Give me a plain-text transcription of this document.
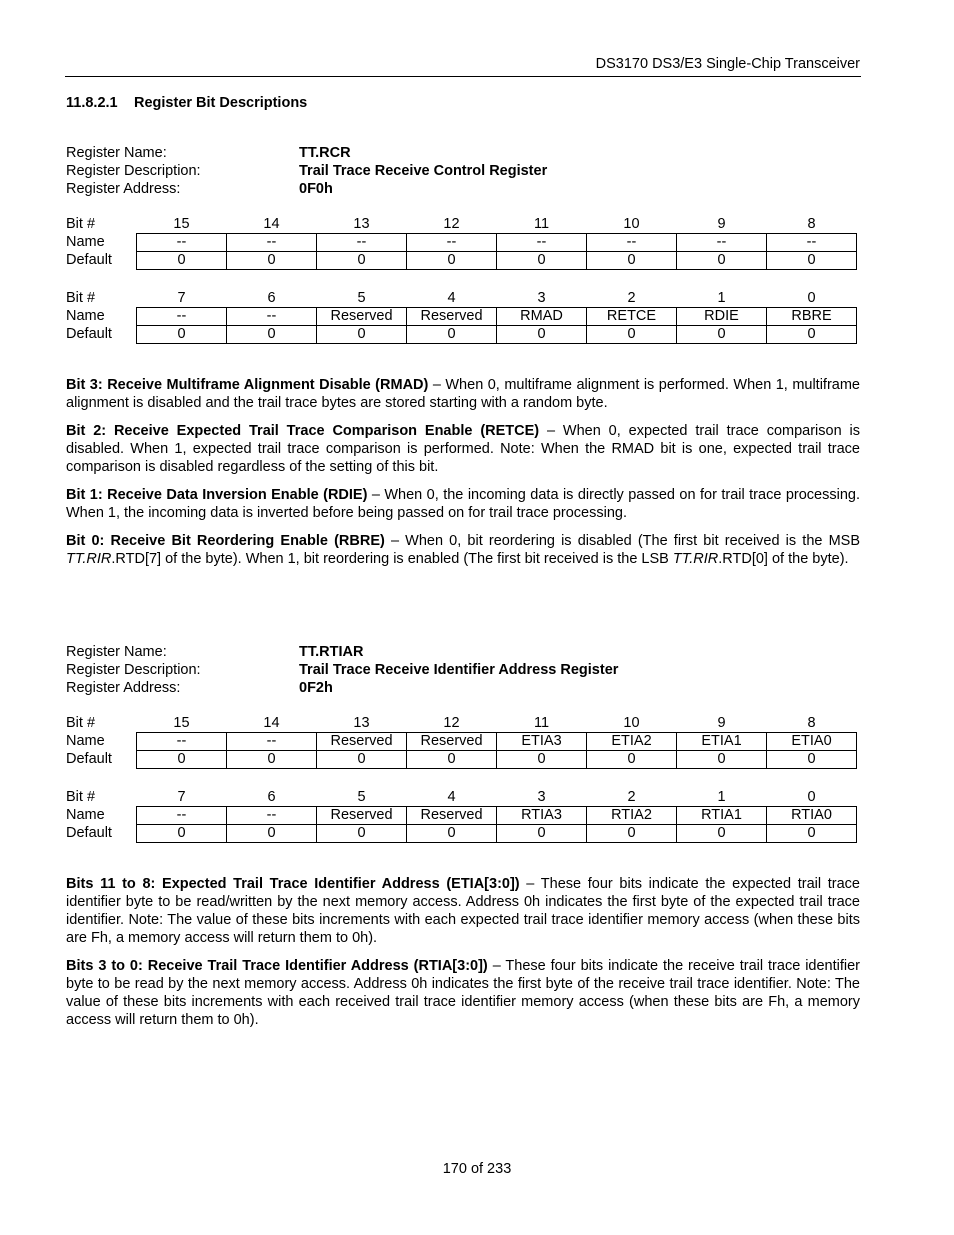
DS3170 DS3/E3 Single-Chip Transceiver
11.8.2.1 Register Bit Descriptions
Register Name:	TT.RCR
Register Description:	Trail Trace Receive Control Register
Register Address:	0F0h
Bit #	15	14	13	12	11	10	9	8
Name	--	--	--	--	--	--	--	--
Default	0	0	0	0	0	0	0	0
Bit #	7	6	5	4	3	2	1	0
Name	--	--	Reserved	Reserved	RMAD	RETCE	RDIE	RBRE
Default	0	0	0	0	0	0	0	0

Bit 3: Receive Multiframe Alignment Disable (RMAD) – When 0, multiframe alignment is performed. When 1, multiframe alignment is disabled and the trail trace bytes are stored starting with a random byte.

Bit 2: Receive Expected Trail Trace Comparison Enable (RETCE) – When 0, expected trail trace comparison is disabled. When 1, expected trail trace comparison is performed. Note: When the RMAD bit is one, expected trail trace comparison is disabled regardless of the setting of this bit.

Bit 1: Receive Data Inversion Enable (RDIE) – When 0, the incoming data is directly passed on for trail trace processing. When 1, the incoming data is inverted before being passed on for trail trace processing.

Bit 0: Receive Bit Reordering Enable (RBRE) – When 0, bit reordering is disabled (The first bit received is the MSB TT.RIR.RTD[7] of the byte). When 1, bit reordering is enabled (The first bit received is the LSB TT.RIR.RTD[0] of the byte).

Register Name:	TT.RTIAR
Register Description:	Trail Trace Receive Identifier Address Register
Register Address:	0F2h
Bit #	15	14	13	12	11	10	9	8
Name	--	--	Reserved	Reserved	ETIA3	ETIA2	ETIA1	ETIA0
Default	0	0	0	0	0	0	0	0
Bit #	7	6	5	4	3	2	1	0
Name	--	--	Reserved	Reserved	RTIA3	RTIA2	RTIA1	RTIA0
Default	0	0	0	0	0	0	0	0

Bits 11 to 8: Expected Trail Trace Identifier Address (ETIA[3:0]) – These four bits indicate the expected trail trace identifier byte to be read/written by the next memory access. Address 0h indicates the first byte of the expected trail trace identifier. Note: The value of these bits increments with each expected trail trace identifier memory access (when these bits are Fh, a memory access will return them to 0h).

Bits 3 to 0: Receive Trail Trace Identifier Address (RTIA[3:0]) – These four bits indicate the receive trail trace identifier byte to be read by the next memory access. Address 0h indicates the first byte of the receive trail trace identifier. Note: The value of these bits increments with each received trail trace identifier memory access (when these bits are Fh, a memory access will return them to 0h).

170 of 233
